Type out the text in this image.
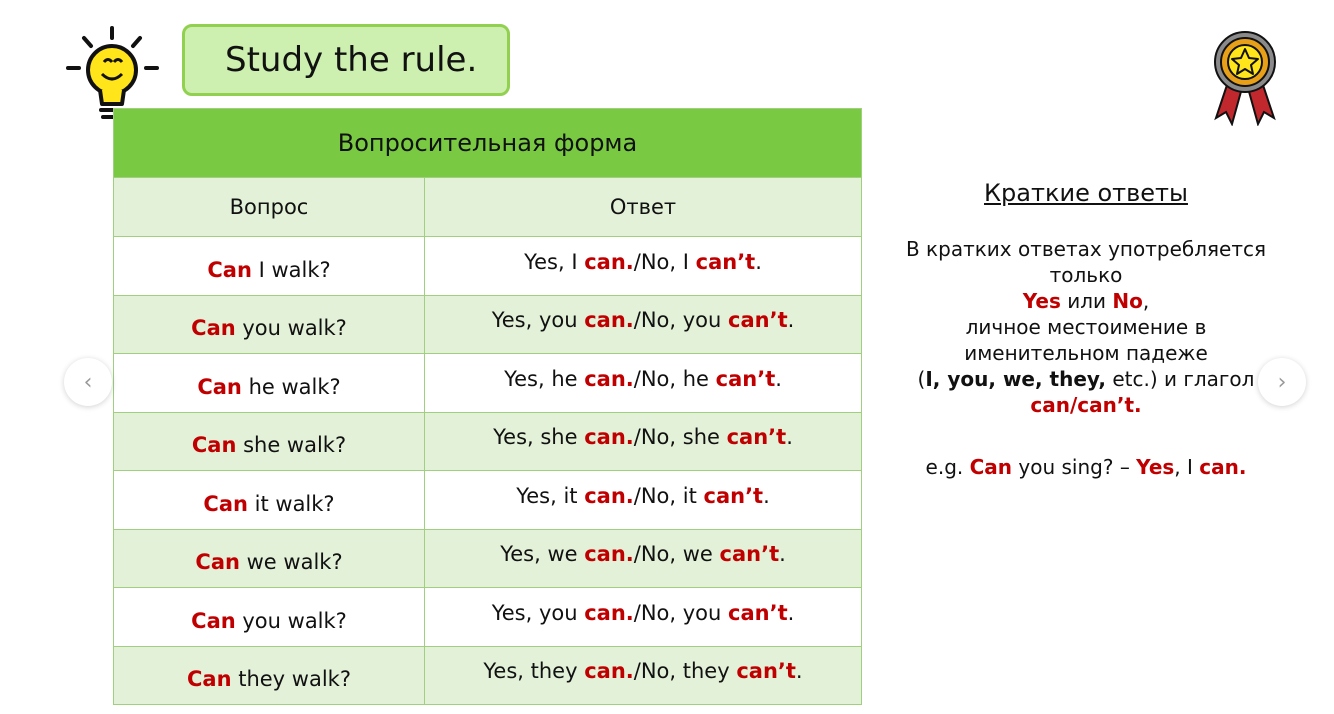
Study the rule.
Вопросительная форма	
Вопрос	Ответ
Can I walk?	Yes, I can./No, I can’t.
Can you walk?	Yes, you can./No, you can’t.
Can he walk?	Yes, he can./No, he can’t.
Can she walk?	Yes, she can./No, she can’t.
Can it walk?	Yes, it can./No, it can’t.
Can we walk?	Yes, we can./No, we can’t.
Can you walk?	Yes, you can./No, you can’t.
Can they walk?	Yes, they can./No, they can’t.
Краткие ответы

В кратких ответах употребляется

только

Yes или No,

личное местоимение в

именительном падеже

(I, you, we, they, etc.) и глагол

can/can’t.

e.g. Can you sing? – Yes, I can.

‹	›
